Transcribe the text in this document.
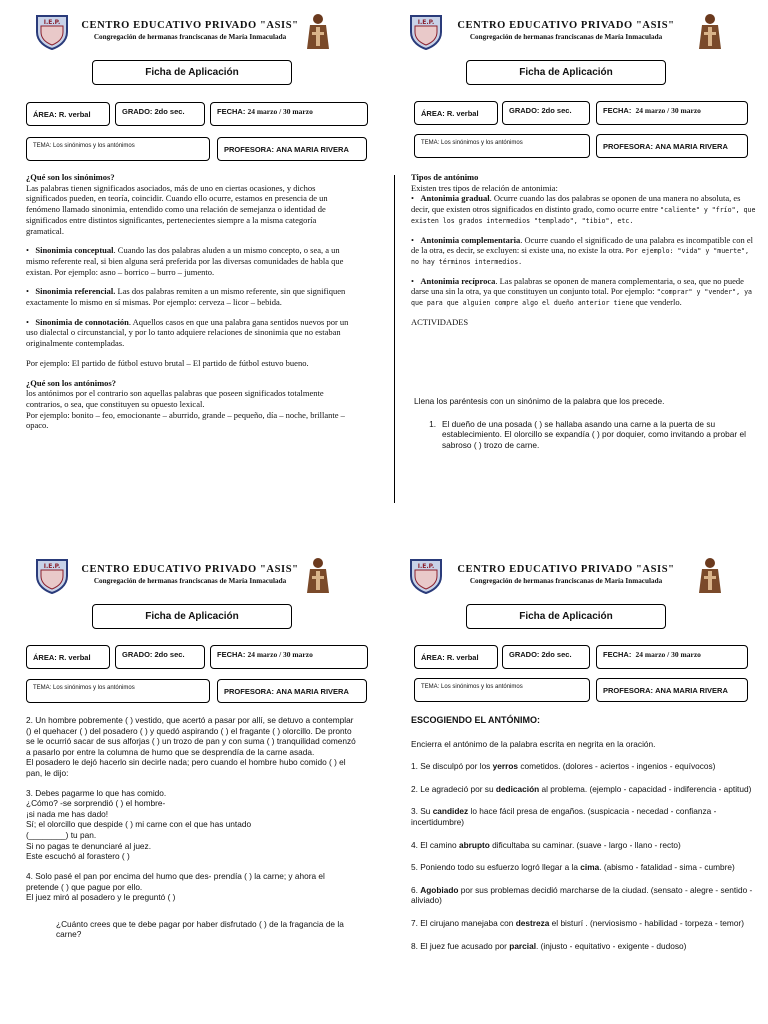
I.E.P.	CENTRO EDUCATIVO PRIVADO "ASIS"
Congregación de hermanas franciscanas de María Inmaculada
Ficha de Aplicación
ÁREA:
R. verbal	GRADO:
2do sec.	FECHA:
24 marzo / 30 marzo
TEMA:
Los sinónimos y los antónimos	PROFESORA:
ANA MARIA RIVERA

¿Qué son los sinónimos?

Las palabras tienen significados asociados, más de uno en ciertas ocasiones, y dichos significados pueden, en teoría, coincidir. Cuando ello ocurre, estamos en presencia de un fenómeno llamado sinonimia, entendido como una relación de semejanza o identidad de significados entre distintos significantes, pertenecientes siempre a la misma categoría gramatical.

•   Sinonimia conceptual. Cuando las dos palabras aluden a un mismo concepto, o sea, a un mismo referente real, si bien alguna será preferida por las diversas comunidades de habla que existan. Por ejemplo: asno – borrico – burro – jumento.

•   Sinonimia referencial. Las dos palabras remiten a un mismo referente, sin que signifiquen exactamente lo mismo en sí mismas. Por ejemplo: cerveza – licor – bebida.

•   Sinonimia de connotación. Aquellos casos en que una palabra gana sentidos nuevos por un uso dialectal o circunstancial, y por lo tanto adquiere relaciones de sinonimia que no estaban originalmente contempladas.

Por ejemplo: El partido de fútbol estuvo brutal – El partido de fútbol estuvo bueno.

¿Qué son los antónimos?

los antónimos por el contrario son aquellas palabras que poseen significados totalmente contrarios, o sea, que constituyen su opuesto lexical.

Por ejemplo: bonito – feo, emocionante – aburrido, grande – pequeño, día – noche, brillante – opaco.

I.E.P.	CENTRO EDUCATIVO PRIVADO "ASIS"
Congregación de hermanas franciscanas de María Inmaculada
Ficha de Aplicación
ÁREA:
R. verbal	GRADO:
2do sec.	FECHA:
24 marzo / 30 marzo
TEMA:
Los sinónimos y los antónimos	PROFESORA:
ANA MARIA RIVERA

Tipos de antónimo

Existen tres tipos de relación de antonimia:

•   Antonimia gradual. Ocurre cuando las dos palabras se oponen de una manera no absoluta, es decir, que existen otros significados en distinto grado, como ocurre entre "caliente" y "frío", que existen los grados intermedios "templado", "tibio", etc.

•   Antonimia complementaria. Ocurre cuando el significado de una palabra es incompatible con el de la otra, es decir, se excluyen: si existe una, no existe la otra. Por ejemplo: "vida" y "muerte", no hay términos intermedios.

•   Antonimia recíproca. Las palabras se oponen de manera complementaria, o sea, que no puede darse una sin la otra, ya que constituyen un conjunto total. Por ejemplo: "comprar" y "vender", ya que para que alguien compre algo el dueño anterior tiene que venderlo.

ACTIVIDADES

Llena los paréntesis con un sinónimo de la palabra que los precede.

1. El dueño de una posada ( ) se hallaba asando una carne a la puerta de su establecimiento. El olorcillo se expandía ( ) por doquier, como invitando a probar el sabroso ( ) trozo de carne.
I.E.P.	CENTRO EDUCATIVO PRIVADO "ASIS"
Congregación de hermanas franciscanas de María Inmaculada
Ficha de Aplicación
ÁREA:
R. verbal	GRADO:
2do sec.	FECHA:
24 marzo / 30 marzo
TEMA:
Los sinónimos y los antónimos	PROFESORA:
ANA MARIA RIVERA

2. Un hombre pobremente ( ) vestido, que acertó a pasar por allí, se detuvo a contemplar () el quehacer ( ) del posadero ( ) y quedó aspirando ( ) el fragante ( ) olorcillo. De pronto se le ocurrió sacar de sus alforjas ( ) un trozo de pan y con suma ( ) tranquilidad comenzó a pasarlo por entre la columna de humo que se desprendía de la carne asada.

El posadero le dejó hacerlo sin decirle nada; pero cuando el hombre hubo comido ( ) el pan, le dijo:

3. Debes pagarme lo que has comido.

¿Cómo? -se sorprendió ( ) el hombre-

¡si nada me has dado!

Sí; el olorcillo que despide ( ) mi carne con el que has untado

(________) tu pan.

Si no pagas te denunciaré al juez.

Este escuchó al forastero ( )

4. Solo pasé el pan por encima del humo que des- prendía ( ) la carne; y ahora el pretende ( ) que pague por ello.

El juez miró al posadero y le preguntó ( )

¿Cuánto crees que te debe pagar por haber disfrutado ( ) de la fragancia de la carne?

I.E.P.	CENTRO EDUCATIVO PRIVADO "ASIS"
Congregación de hermanas franciscanas de María Inmaculada
Ficha de Aplicación
ÁREA:
R. verbal	GRADO:
2do sec.	FECHA:
24 marzo / 30 marzo
TEMA:
Los sinónimos y los antónimos	PROFESORA:
ANA MARIA RIVERA

ESCOGIENDO EL ANTÓNIMO:

Encierra el antónimo de la palabra escrita en negrita en la oración.

1. Se disculpó por los yerros cometidos. (dolores - aciertos - ingenios - equívocos)

2. Le agradeció por su dedicación al problema. (ejemplo - capacidad - indiferencia - aptitud)

3. Su candidez lo hace fácil presa de engaños. (suspicacia - necedad - confianza - incertidumbre)

4. El camino abrupto dificultaba su caminar. (suave - largo - llano - recto)

5. Poniendo todo su esfuerzo logró llegar a la cima. (abismo - fatalidad - sima - cumbre)

6. Agobiado por sus problemas decidió marcharse de la ciudad. (sensato - alegre - sentido - aliviado)

7. El cirujano manejaba con destreza el bisturí . (nerviosismo - habilidad - torpeza - temor)

8. El juez fue acusado por parcial. (injusto - equitativo - exigente - dudoso)
